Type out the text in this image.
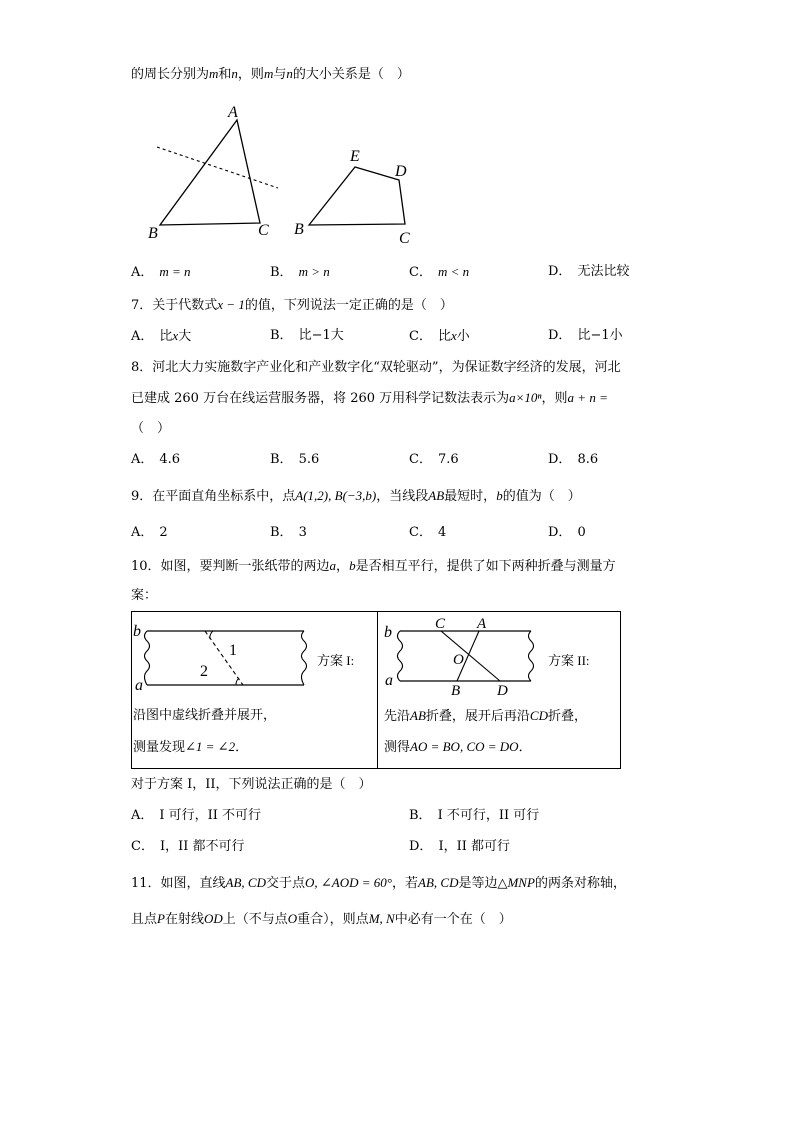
的周长分别为m和n，则m与n的大小关系是（　）
A
B	C
E
D
B
C
A． m = n	B． m > n	C． m < n	D． 无法比较
7．关于代数式x − 1的值，下列说法一定正确的是（　）
A． 比x大	B． 比−1大	C． 比x小	D． 比−1小
8．河北大力实施数字产业化和产业数字化“双轮驱动”，为保证数字经济的发展，河北
已建成 260 万台在线运营服务器，将 260 万用科学记数法表示为a×10ⁿ，则a + n =
（　）
A． 4.6	B． 5.6	C． 7.6	D． 8.6
9．在平面直角坐标系中，点A(1,2), B(−3,b)，当线段AB最短时，b的值为（　）
A． 2	B． 3	C． 4	D． 0
10．如图，要判断一张纸带的两边a，b是否相互平行，提供了如下两种折叠与测量方
案：
b
a
1
2
方案 I:
沿图中虚线折叠并展开，
测量发现∠1 = ∠2．
b
a
C A
O
B D
方案 II:
先沿AB折叠，展开后再沿CD折叠，
测得AO = BO, CO = DO．
对于方案 I，II，下列说法正确的是（　）
A． I 可行，II 不可行	B． I 不可行，II 可行
C． I，II 都不可行	D． I，II 都可行
11．如图，直线AB, CD交于点O, ∠AOD = 60°，若AB, CD是等边△MNP的两条对称轴，
且点P在射线OD上（不与点O重合），则点M, N中必有一个在（　）
